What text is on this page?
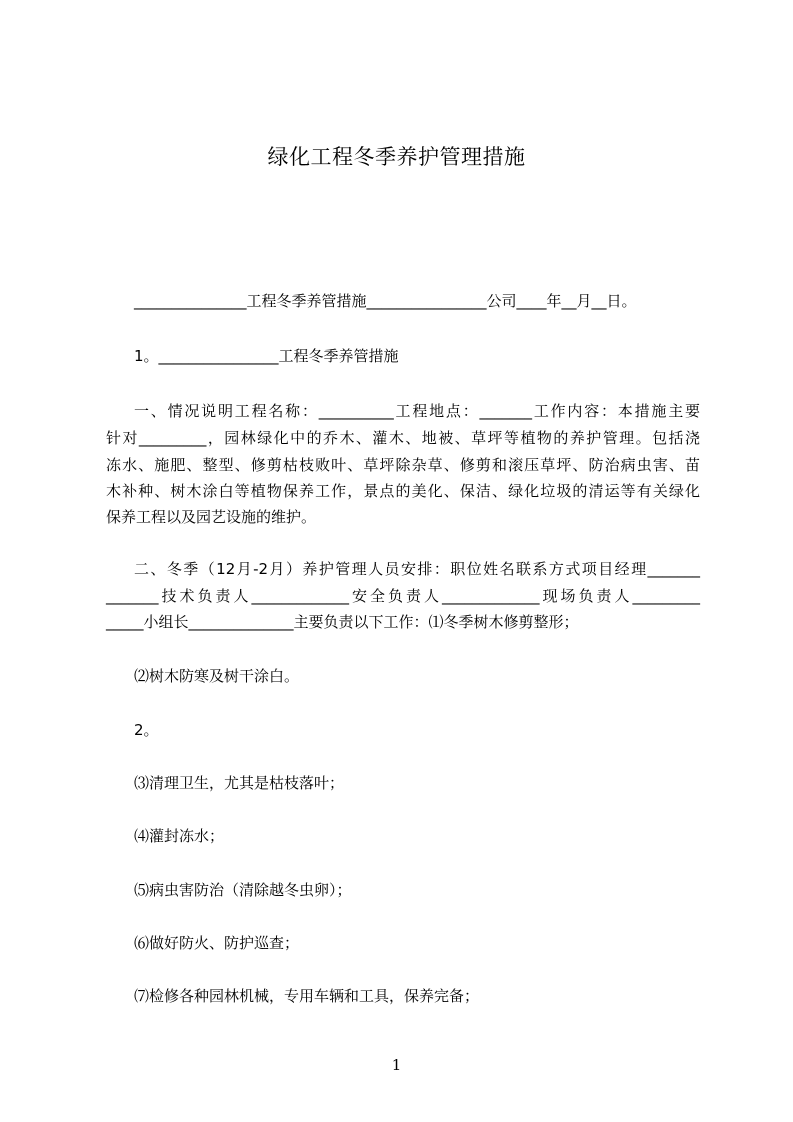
绿化工程冬季养护管理措施
_______________工程冬季养管措施________________公司____年__月__日。
1。________________工程冬季养管措施
一、情况说明工程名称：__________工程地点：_______工作内容：本措施主要
针对_________，园林绿化中的乔木、灌木、地被、草坪等植物的养护管理。包括浇
冻水、施肥、整型、修剪枯枝败叶、草坪除杂草、修剪和滚压草坪、防治病虫害、苗
木补种、树木涂白等植物保养工作，景点的美化、保洁、绿化垃圾的清运等有关绿化
保养工程以及园艺设施的维护。
二、冬季（12月-2月）养护管理人员安排：职位姓名联系方式项目经理_______
_______技术负责人_____________安全负责人_____________现场负责人_________
_____小组长______________主要负责以下工作：⑴冬季树木修剪整形；
⑵树木防寒及树干涂白。
2。
⑶清理卫生，尤其是枯枝落叶；
⑷灌封冻水；
⑸病虫害防治（清除越冬虫卵）；
⑹做好防火、防护巡查；
⑺检修各种园林机械，专用车辆和工具，保养完备；
1
